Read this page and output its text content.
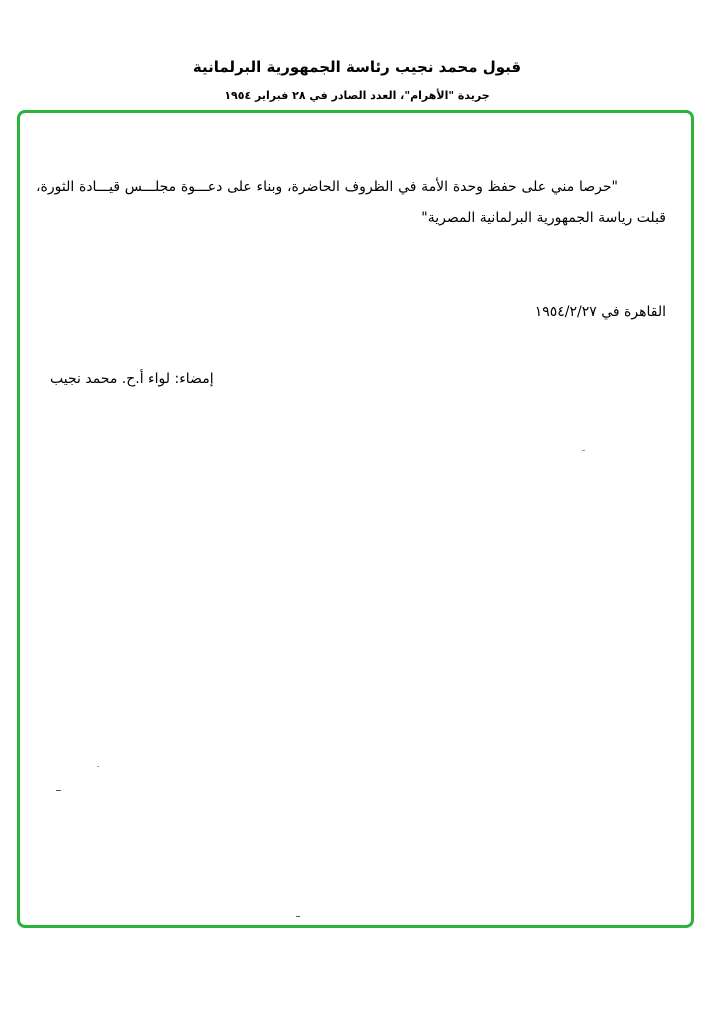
قبول محمد نجيب رئاسة الجمهورية البرلمانية
جريدة "الأهرام"، العدد الصادر في ٢٨ فبراير ١٩٥٤
"حرصا مني على حفظ وحدة الأمة في الظروف الحاضرة، وبناء على دعـــوة مجلـــس قيـــادة الثورة، قبلت رياسة الجمهورية البرلمانية المصرية"
القاهرة في ١٩٥٤/٢/٢٧
إمضاء: لواء أ.ح. محمد نجيب
